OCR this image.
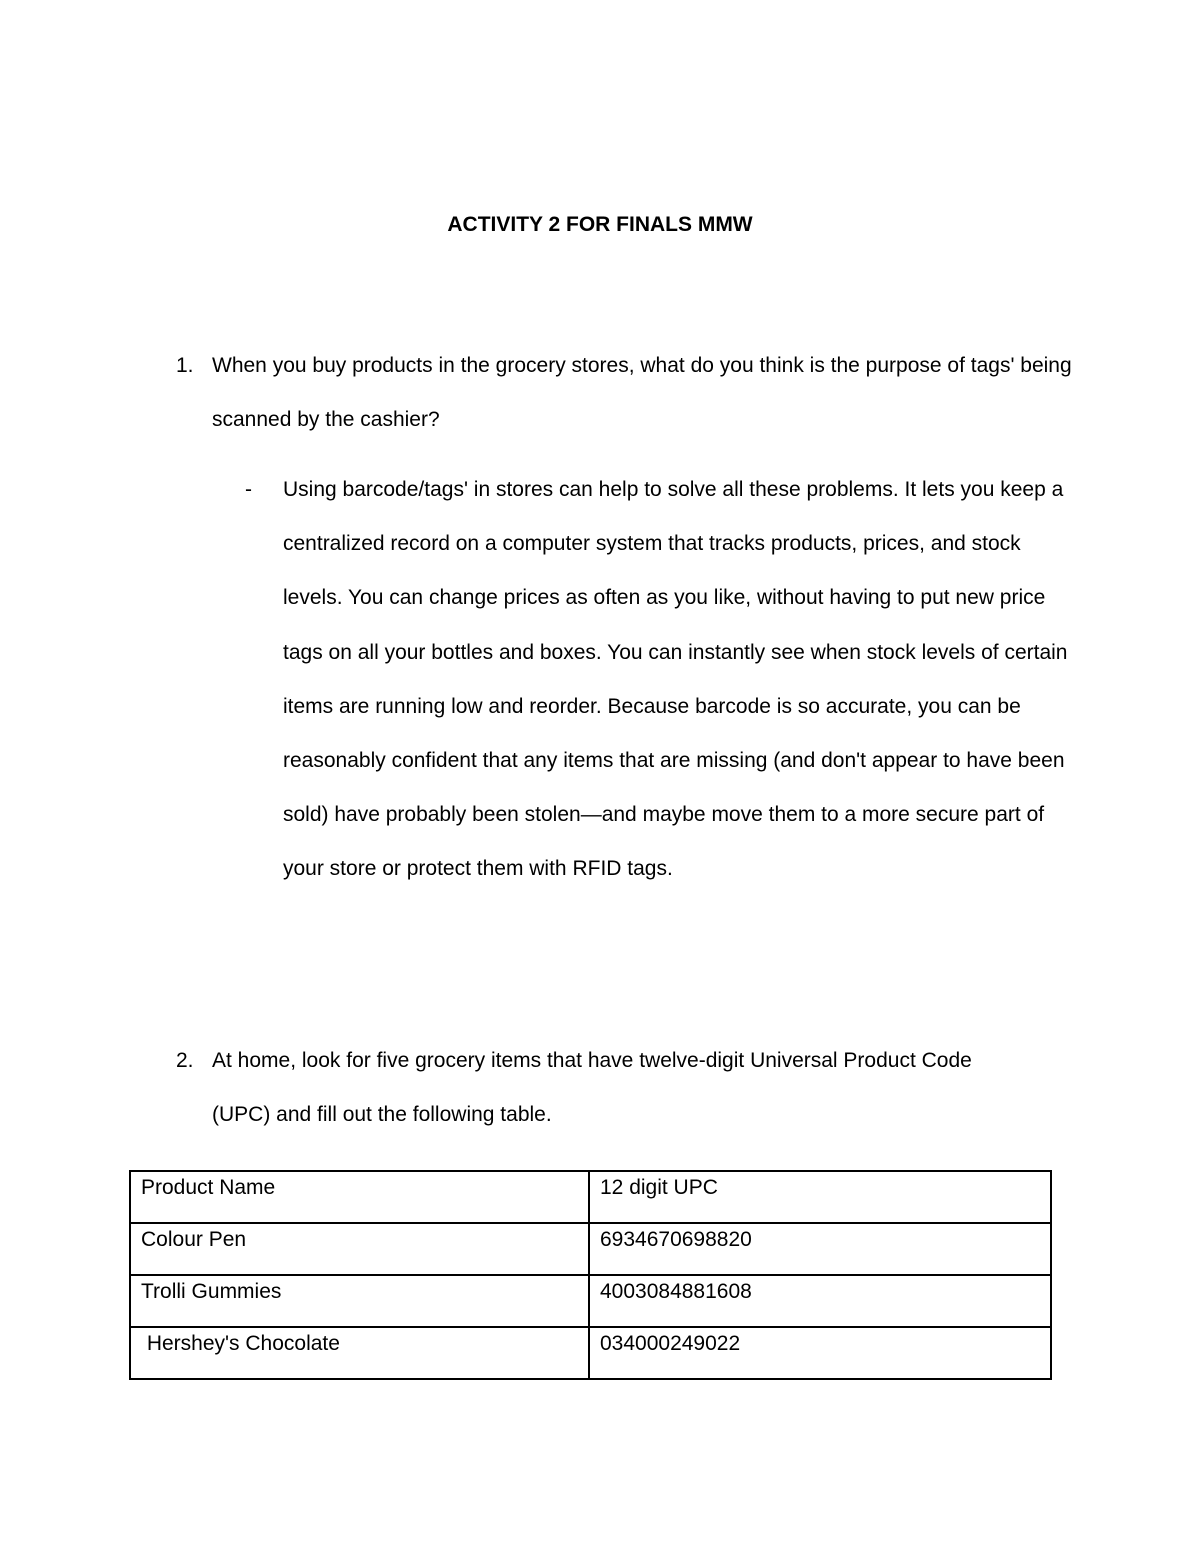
ACTIVITY 2 FOR FINALS MMW
1. When you buy products in the grocery stores, what do you think is the purpose of tags' being scanned by the cashier?
- Using barcode/tags' in stores can help to solve all these problems. It lets you keep a centralized record on a computer system that tracks products, prices, and stock levels. You can change prices as often as you like, without having to put new price tags on all your bottles and boxes. You can instantly see when stock levels of certain items are running low and reorder. Because barcode is so accurate, you can be reasonably confident that any items that are missing (and don't appear to have been sold) have probably been stolen—and maybe move them to a more secure part of your store or protect them with RFID tags.
2. At home, look for five grocery items that have twelve-digit Universal Product Code (UPC) and fill out the following table.
Product Name	12 digit UPC
Colour Pen	6934670698820
Trolli Gummies	4003084881608
Hershey's Chocolate	034000249022
